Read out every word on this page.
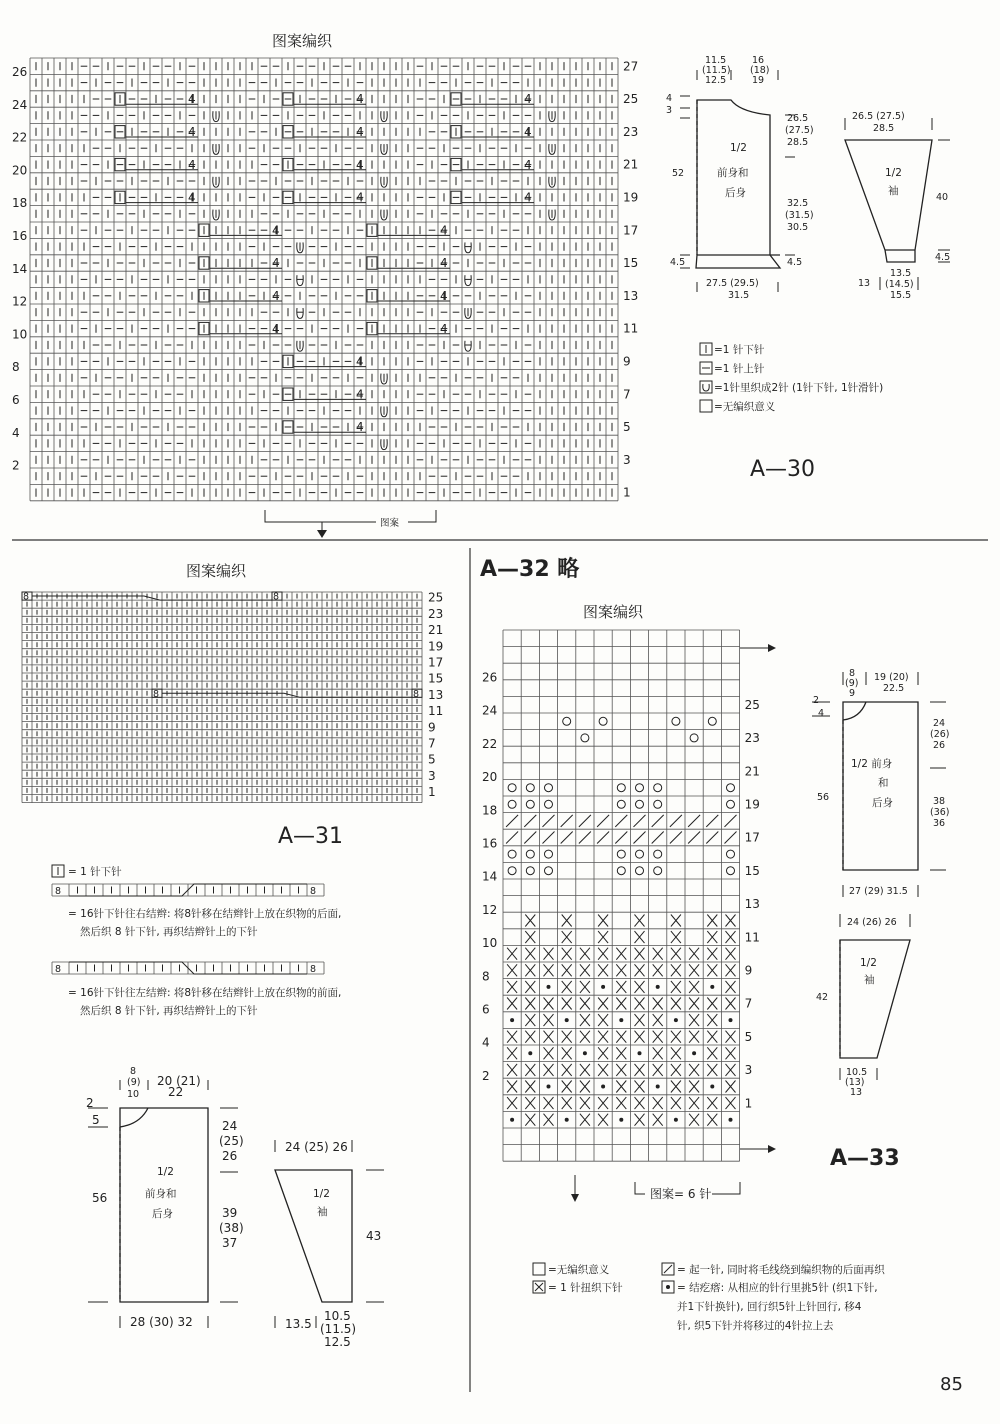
图案编织
4	4	4
4	4	4
4	4	4
4	4	4
4	4
4	4
4	4
4	4
4
4
4
26
24
22
20
18
16
14
12
10
8
6
4
2
27
25
23
21
19
17
15
13
11
9
7
5
3
1
图案
11.5
(11.5)
12.5
16
(18)
19
4
3
26.5
(27.5)
28.5
32.5
(31.5)
30.5
52
4.5	4.5
1/2
前身和
后身
27.5 (29.5)
31.5
26.5 (27.5)
28.5
1/2
袖
40
4.5
13
13.5
(14.5)
15.5
=1 针下针
=1 针上针
=1针里织成2针 (1针下针, 1针滑针)
=无编织意义
A—30
图案编织
8	8
8	8
25
23
21
19
17
15
13
11
9
7
5
3
1
A—31
= 1 针下针
8	8
= 16针下针往右结辫: 将8针移在结辫针上放在织物的后面,
然后织 8 针下针, 再织结辫针上的下针
8	8
= 16针下针往左结辫: 将8针移在结辫针上放在织物的前面,
然后织 8 针下针, 再织结辫针上的下针
8
(9)
10
20 (21)
22
2
5	24
(25)
26
39
(38)
37
56
1/2
前身和
后身
28 (30) 32
24 (25) 26
1/2
袖
43
13.5
10.5
(11.5)
12.5
A—32 略
图案编织
26
24
22
20
18
16
14
12
10
8
6
4
2
25
23
21
19
17
15
13
11
9
7
5
3
1
图案= 6 针
=无编织意义
= 1 针扭织下针
= 起一针, 同时将毛线绕到编织物的后面再织
= 结疙瘩: 从相应的针行里挑5针 (织1下针,
并1下针换针), 回行织5针上针回行, 移4
针, 织5下针并将移过的4针拉上去
8
(9)
9
19 (20)
22.5
2
4
24
(26)
26
38
(36)
36
56
1/2 前身
和
后身
27 (29) 31.5
24 (26) 26
1/2
袖
42
10.5
(13)
13
A—33
85
